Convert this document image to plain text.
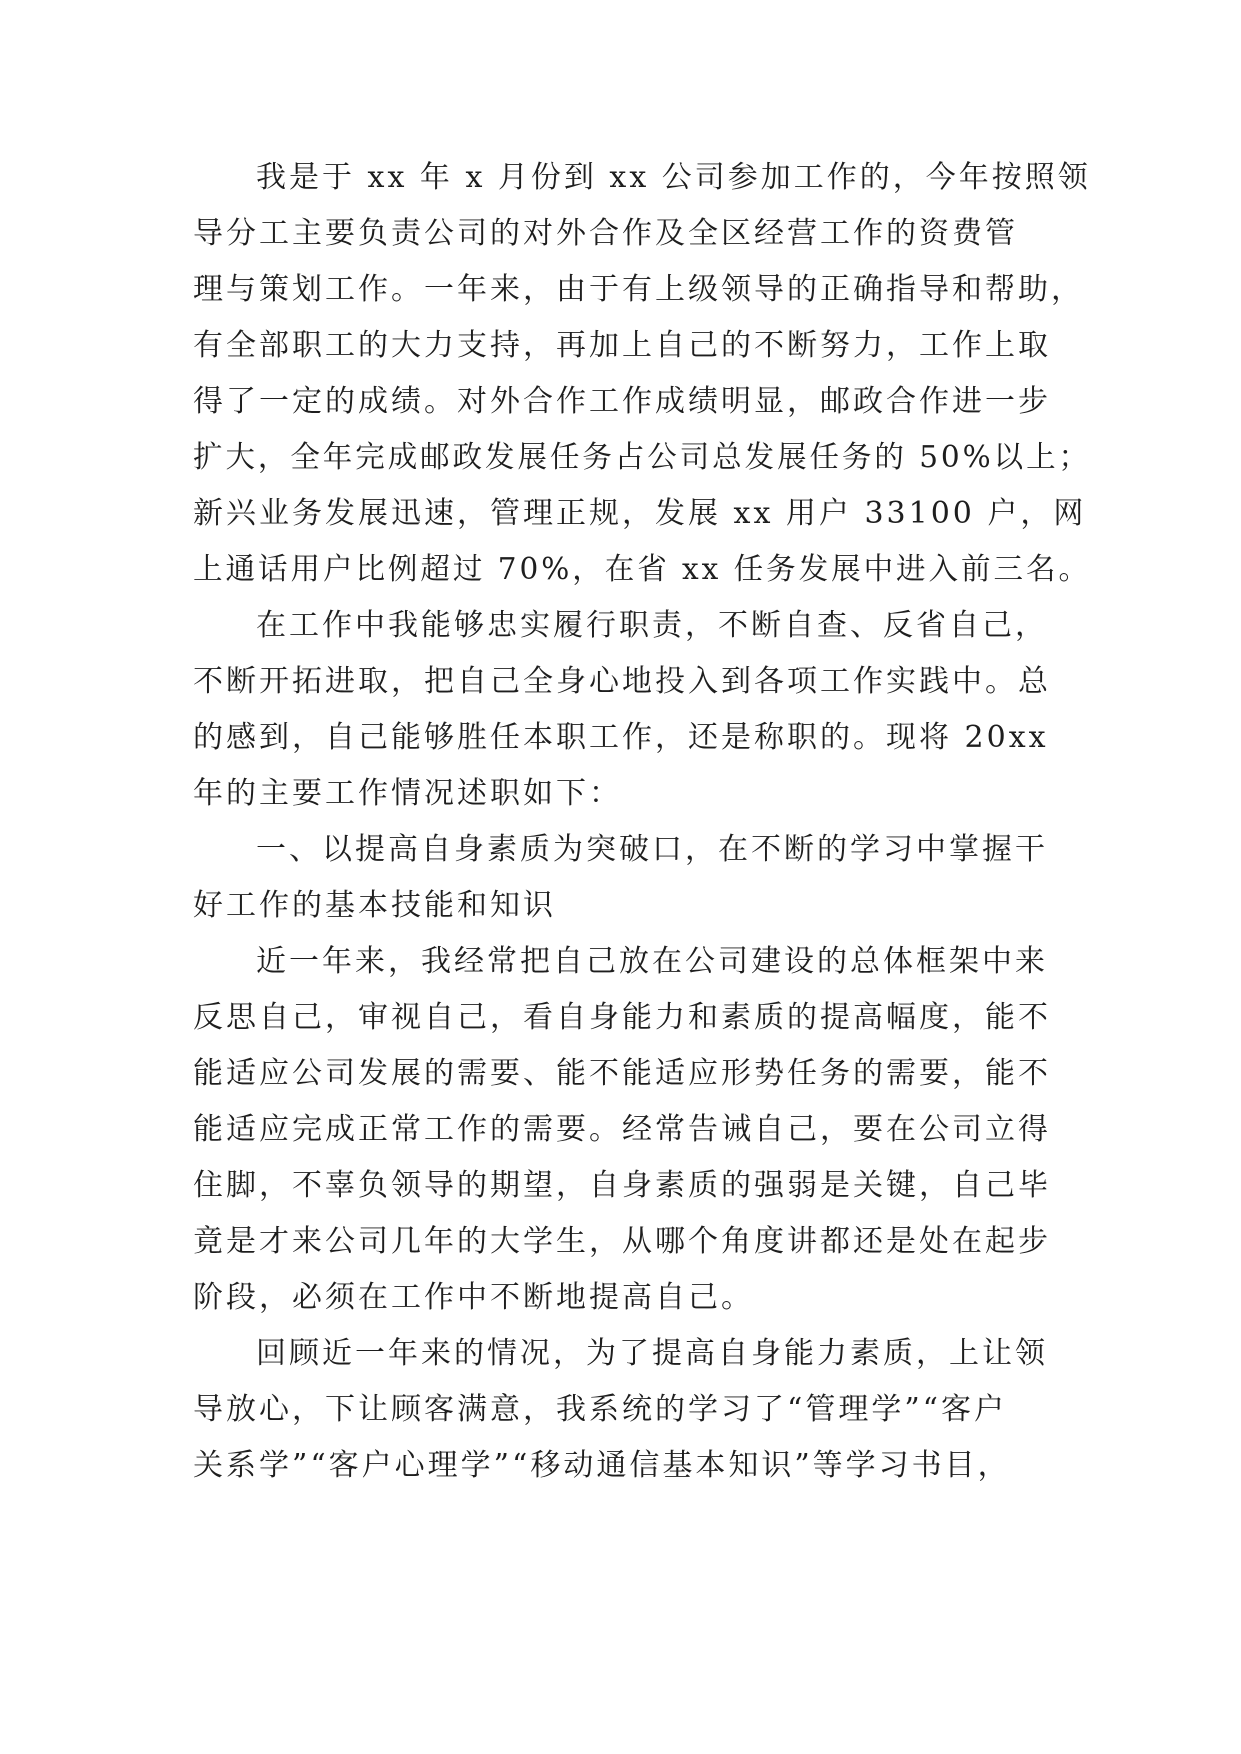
我是于 xx 年 x 月份到 xx 公司参加工作的，今年按照领
导分工主要负责公司的对外合作及全区经营工作的资费管
理与策划工作。一年来，由于有上级领导的正确指导和帮助，
有全部职工的大力支持，再加上自己的不断努力，工作上取
得了一定的成绩。对外合作工作成绩明显，邮政合作进一步
扩大，全年完成邮政发展任务占公司总发展任务的 50%以上；
新兴业务发展迅速，管理正规，发展 xx 用户 33100 户，网
上通话用户比例超过 70%，在省 xx 任务发展中进入前三名。
在工作中我能够忠实履行职责，不断自查、反省自己，
不断开拓进取，把自己全身心地投入到各项工作实践中。总
的感到，自己能够胜任本职工作，还是称职的。现将 20xx
年的主要工作情况述职如下：
一、以提高自身素质为突破口，在不断的学习中掌握干
好工作的基本技能和知识
近一年来，我经常把自己放在公司建设的总体框架中来
反思自己，审视自己，看自身能力和素质的提高幅度，能不
能适应公司发展的需要、能不能适应形势任务的需要，能不
能适应完成正常工作的需要。经常告诫自己，要在公司立得
住脚，不辜负领导的期望，自身素质的强弱是关键，自己毕
竟是才来公司几年的大学生，从哪个角度讲都还是处在起步
阶段，必须在工作中不断地提高自己。
回顾近一年来的情况，为了提高自身能力素质，上让领
导放心，下让顾客满意，我系统的学习了“管理学”“客户
关系学”“客户心理学”“移动通信基本知识”等学习书目，
